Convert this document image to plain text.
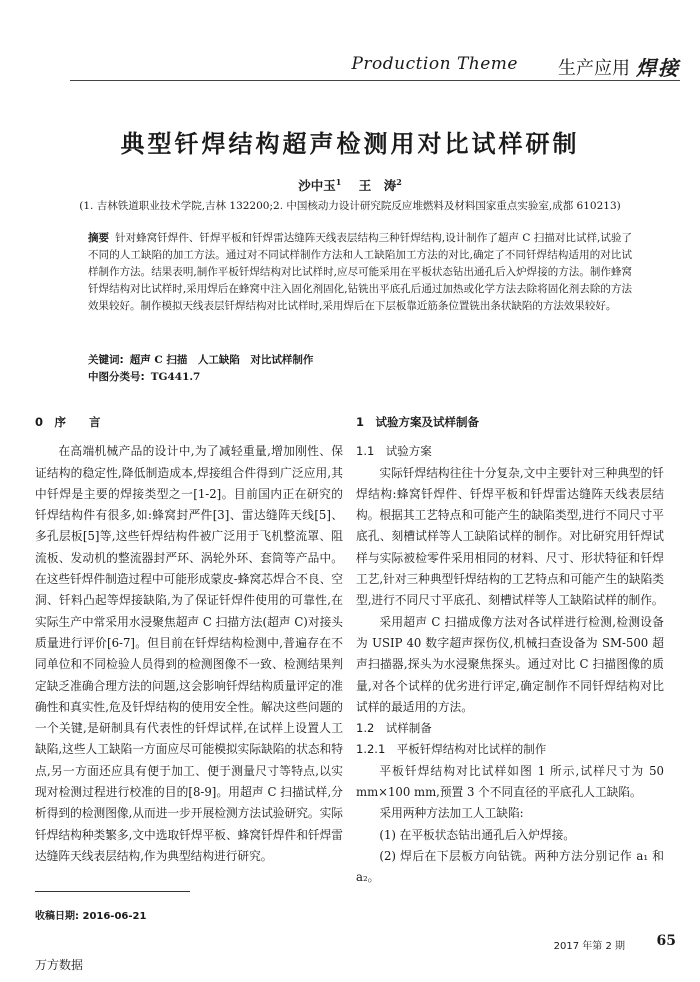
Production Theme 生产应用 焊接
典型钎焊结构超声检测用对比试样研制
沙中玉$^1$ 王　涛$^2$
(1. 吉林铁道职业技术学院,吉林 132200;2. 中国核动力设计研究院反应堆燃料及材料国家重点实验室,成都 610213)
摘要 针对蜂窝钎焊件、钎焊平板和钎焊雷达缝阵天线表层结构三种钎焊结构,设计制作了超声 C 扫描对比试样,试验了不同的人工缺陷的加工方法。通过对不同试样制作方法和人工缺陷加工方法的对比,确定了不同钎焊结构适用的对比试样制作方法。结果表明,制作平板钎焊结构对比试样时,应尽可能采用在平板状态钻出通孔后入炉焊接的方法。制作蜂窝钎焊结构对比试样时,采用焊后在蜂窝中注入固化剂固化,钻铣出平底孔后通过加热或化学方法去除将固化剂去除的方法效果较好。制作模拟天线表层钎焊结构对比试样时,采用焊后在下层板靠近筋条位置铣出条状缺陷的方法效果较好。
关键词: 超声 C 扫描　人工缺陷　对比试样制作
中图分类号: TG441.7
0　序　　言

在高端机械产品的设计中,为了减轻重量,增加刚性、保证结构的稳定性,降低制造成本,焊接组合件得到广泛应用,其中钎焊是主要的焊接类型之一[1-2]。目前国内正在研究的钎焊结构件有很多,如:蜂窝封严件[3]、雷达缝阵天线[5]、多孔层板[5]等,这些钎焊结构件被广泛用于飞机整流罩、阻流板、发动机的整流器封严环、涡轮外环、套筒等产品中。在这些钎焊件制造过程中可能形成蒙皮-蜂窝芯焊合不良、空洞、钎料凸起等焊接缺陷,为了保证钎焊件使用的可靠性,在实际生产中常采用水浸聚焦超声 C 扫描方法(超声 C)对接头质量进行评价[6-7]。但目前在钎焊结构检测中,普遍存在不同单位和不同检验人员得到的检测图像不一致、检测结果判定缺乏准确合理方法的问题,这会影响钎焊结构质量评定的准确性和真实性,危及钎焊结构的使用安全性。解决这些问题的一个关键,是研制具有代表性的钎焊试样,在试样上设置人工缺陷,这些人工缺陷一方面应尽可能模拟实际缺陷的状态和特点,另一方面还应具有便于加工、便于测量尺寸等特点,以实现对检测过程进行校准的目的[8-9]。用超声 C 扫描试样,分析得到的检测图像,从而进一步开展检测方法试验研究。实际钎焊结构种类繁多,文中选取钎焊平板、蜂窝钎焊件和钎焊雷达缝阵天线表层结构,作为典型结构进行研究。

1　试验方案及试样制备
1.1　试验方案

实际钎焊结构往往十分复杂,文中主要针对三种典型的钎焊结构:蜂窝钎焊件、钎焊平板和钎焊雷达缝阵天线表层结构。根据其工艺特点和可能产生的缺陷类型,进行不同尺寸平底孔、刻槽试样等人工缺陷试样的制作。对比研究用钎焊试样与实际被检零件采用相同的材料、尺寸、形状特征和钎焊工艺,针对三种典型钎焊结构的工艺特点和可能产生的缺陷类型,进行不同尺寸平底孔、刻槽试样等人工缺陷试样的制作。

采用超声 C 扫描成像方法对各试样进行检测,检测设备为 USIP 40 数字超声探伤仪,机械扫查设备为 SM-500 超声扫描器,探头为水浸聚焦探头。通过对比 C 扫描图像的质量,对各个试样的优劣进行评定,确定制作不同钎焊结构对比试样的最适用的方法。

1.2　试样制备
1.2.1　平板钎焊结构对比试样的制作

平板钎焊结构对比试样如图 1 所示,试样尺寸为 50 mm×100 mm,预置 3 个不同直径的平底孔人工缺陷。

采用两种方法加工人工缺陷:

(1) 在平板状态钻出通孔后入炉焊接。

(2) 焊后在下层板方向钻铣。两种方法分别记作 a₁ 和 a₂。

收稿日期: 2016-06-21
2017 年第 2 期 65
万方数据
